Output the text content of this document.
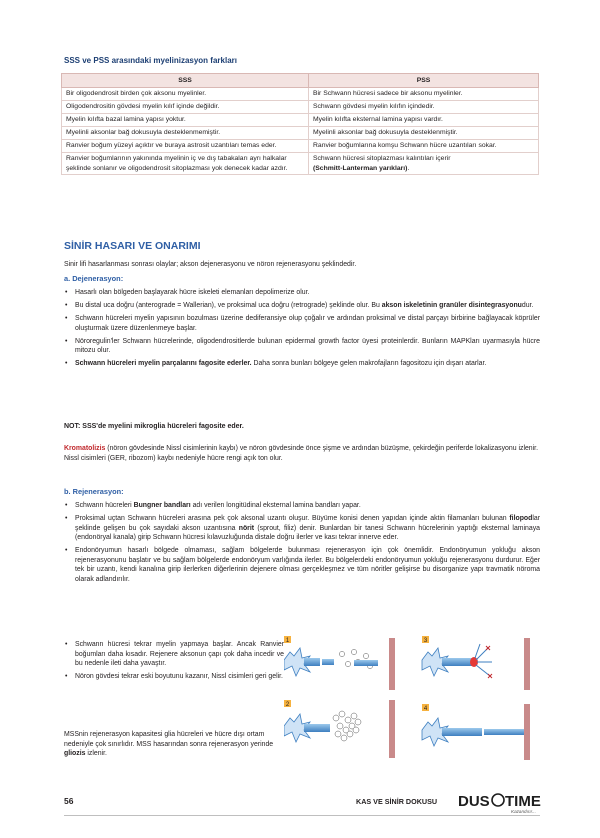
SSS ve PSS arasındaki myelinizasyon farkları
SSS	PSS
Bir oligodendrosit birden çok aksonu myelinler.	Bir Schwann hücresi sadece bir aksonu myelinler.
Oligodendrositin gövdesi myelin kılıf içinde değildir.	Schwann gövdesi myelin kılıfın içindedir.
Myelin kılıfta bazal lamina yapısı yoktur.	Myelin kılıfta eksternal lamina yapısı vardır.
Myelinli aksonlar bağ dokusuyla desteklenmemiştir.	Myelinli aksonlar bağ dokusuyla desteklenmiştir.
Ranvier boğum yüzeyi açıktır ve buraya astrosit uzantıları temas eder.	Ranvier boğumlarına komşu Schwann hücre uzantıları sokar.
Ranvier boğumlarının yakınında myelinin iç ve dış tabakaları ayrı halkalar şeklinde sonlanır ve oligodendrosit sitoplazması yok denecek kadar azdır.	Schwann hücresi sitoplazması kalıntıları içerir
(Schmitt-Lanterman yarıkları).
SİNİR HASARI VE ONARIMI
Sinir lifi hasarlanması sonrası olaylar; akson dejenerasyonu ve nöron rejenerasyonu şeklindedir.
a. Dejenerasyon:
• Hasarlı olan bölgeden başlayarak hücre iskeleti elemanları depolimerize olur.
• Bu distal uca doğru (anterograde = Wallerian), ve proksimal uca doğru (retrograde) şeklinde olur. Bu akson iskeletinin granüler disintegrasyonudur.
• Schwann hücreleri myelin yapısının bozulması üzerine dediferansiye olup çoğalır ve ardından proksimal ve distal parçayı birbirine bağlayacak köprüler oluşturmak üzere düzenlenmeye başlar.
• Nöroregulin'ler Schwann hücrelerinde, oligodendrositlerde bulunan epidermal growth factor üyesi proteinlerdir. Bunların MAPKları uyarmasıyla hücre mitozu olur.
• Schwann hücreleri myelin parçalarını fagosite ederler. Daha sonra bunları bölgeye gelen makrofajların fagositozu için dışarı atarlar.
NOT: SSS'de myelini mikroglia hücreleri fagosite eder.
Kromatolizis (nöron gövdesinde Nissl cisimlerinin kaybı) ve nöron gövdesinde önce şişme ve ardından büzüşme, çekirdeğin periferde lokalizasyonu izlenir. Nissl cisimleri (GER, ribozom) kaybı nedeniyle hücre rengi açık ton olur.
b. Rejenerasyon:
• Schwann hücreleri Bungner bandları adı verilen longitüdinal eksternal lamina bandları yapar.
• Proksimal uçtan Schwann hücreleri arasına pek çok aksonal uzantı oluşur. Büyüme konisi denen yapıdan içinde aktin filamanları bulunan filopodlar şeklinde gelişen bu çok sayıdaki akson uzantısına nörit (sprout, filiz) denir. Bunlardan bir tanesi Schwann hücrelerinin yaptığı eksternal laminaya (endonöryal kanala) girip Schwann hücresi kılavuzluğunda distale doğru ilerler ve kası tekrar innerve eder.
• Endonöryumun hasarlı bölgede olmaması, sağlam bölgelerde bulunması rejenerasyon için çok önemlidir. Endonöryumun yokluğu akson rejenerasyonunu başlatır ve bu sağlam bölgelerde endonöryum varlığında ilerler. Bu bölgelerdeki endonöryumun yokluğu rejenerasyonu durdurur. Eğer tek bir uzantı, kendi kanalına girip ilerlerken diğerlerinin dejenere olması gerçekleşmez ve tüm nöritler gelişirse bu disorganize yapı travmatik nöroma olarak adlandırılır.
• Schwann hücresi tekrar myelin yapmaya başlar. Ancak Ranvier boğumları daha kısadır. Rejenere aksonun çapı çok daha incedir ve bu nedenle ileti daha yavaştır.
• Nöron gövdesi tekrar eski boyutunu kazanır, Nissl cisimleri geri gelir.
MSSnin rejenerasyon kapasitesi glia hücreleri ve hücre dışı ortam nedeniyle çok sınırlıdır. MSS hasarından sonra rejenerasyon yerinde gliozis izlenir.
1
2
3
4
56	KAS VE SİNİR DOKUSU DUS TIME
Kazandırır...
